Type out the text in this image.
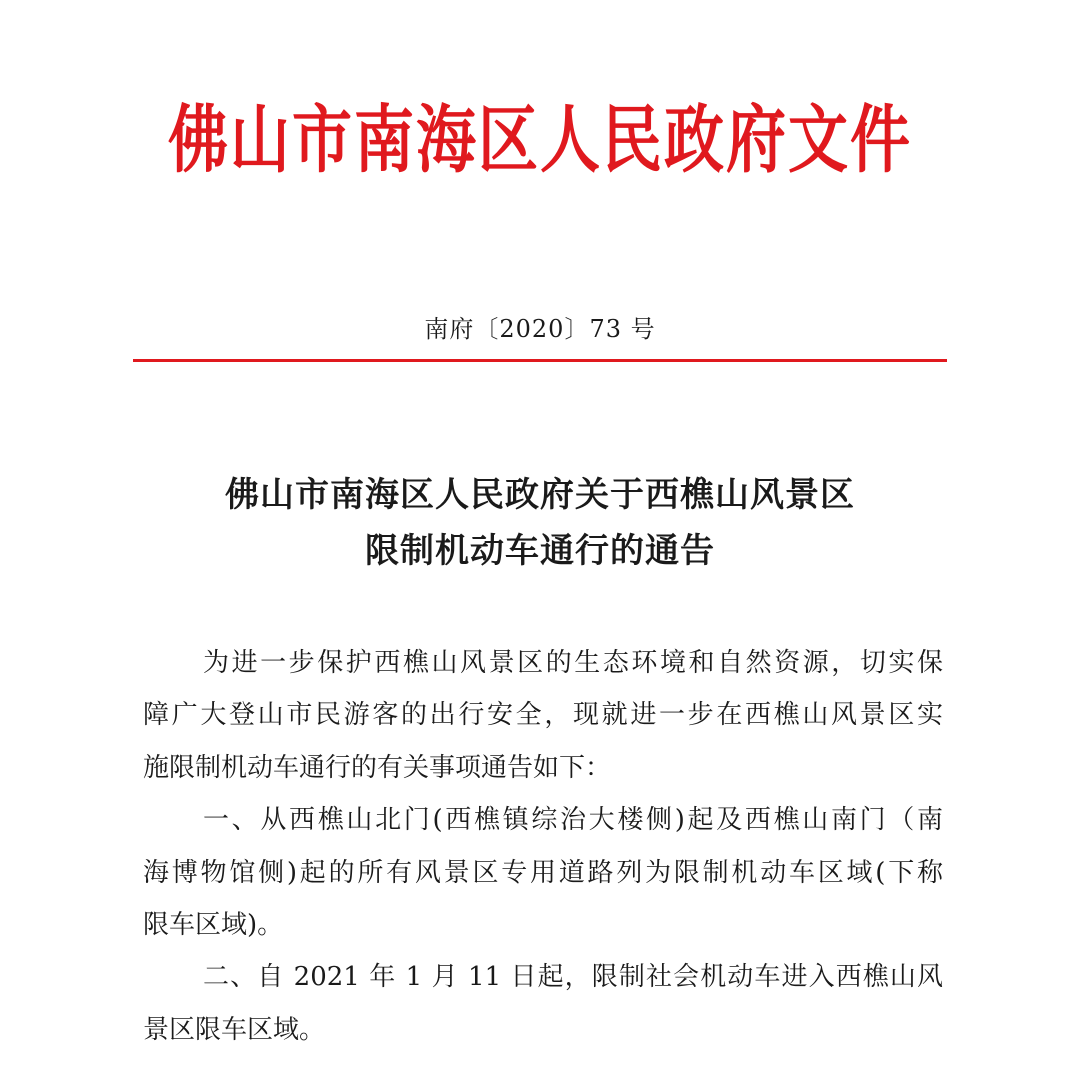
佛山市南海区人民政府文件
南府〔2020〕73 号
佛山市南海区人民政府关于西樵山风景区
限制机动车通行的通告
为进一步保护西樵山风景区的生态环境和自然资源，切实保
障广大登山市民游客的出行安全，现就进一步在西樵山风景区实
施限制机动车通行的有关事项通告如下：
一、从西樵山北门(西樵镇综治大楼侧)起及西樵山南门（南
海博物馆侧)起的所有风景区专用道路列为限制机动车区域(下称
限车区域)。
二、自 2021 年 1 月 11 日起，限制社会机动车进入西樵山风
景区限车区域。
